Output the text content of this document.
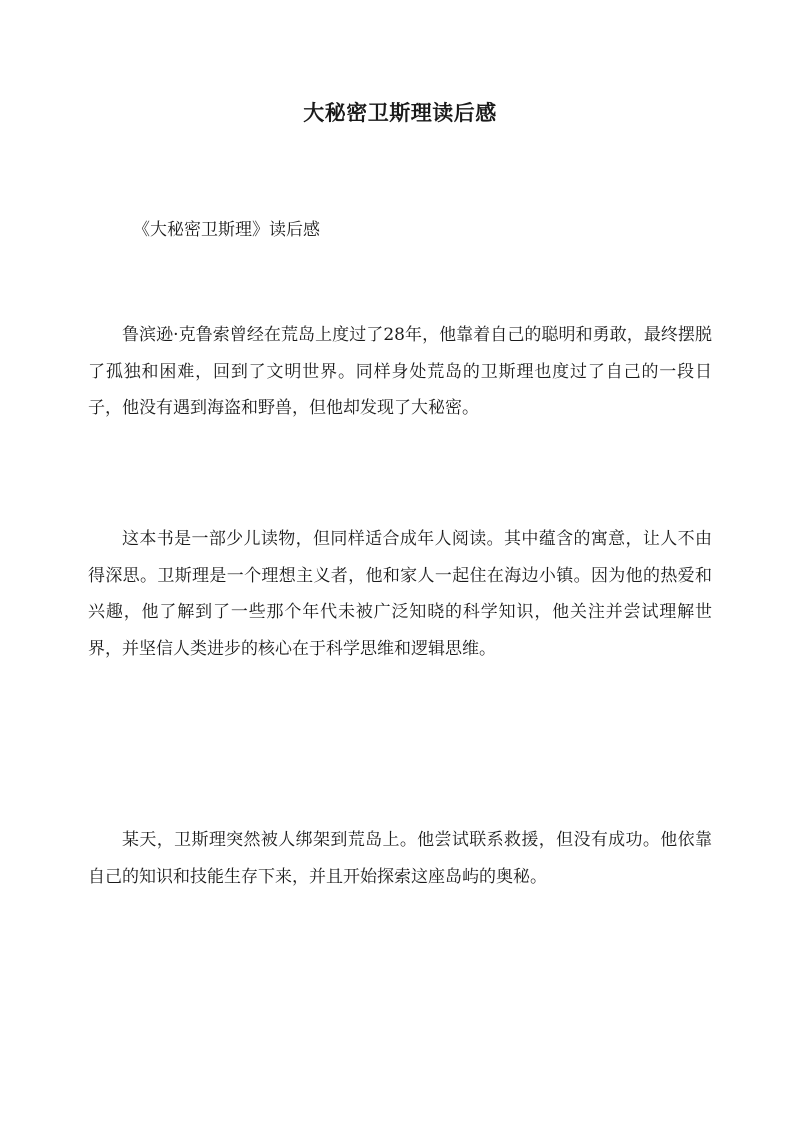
大秘密卫斯理读后感

《大秘密卫斯理》读后感

鲁滨逊·克鲁索曾经在荒岛上度过了28年，他靠着自己的聪明和勇敢，最终摆脱了孤独和困难，回到了文明世界。同样身处荒岛的卫斯理也度过了自己的一段日子，他没有遇到海盗和野兽，但他却发现了大秘密。

这本书是一部少儿读物，但同样适合成年人阅读。其中蕴含的寓意，让人不由得深思。卫斯理是一个理想主义者，他和家人一起住在海边小镇。因为他的热爱和兴趣，他了解到了一些那个年代未被广泛知晓的科学知识，他关注并尝试理解世界，并坚信人类进步的核心在于科学思维和逻辑思维。

某天，卫斯理突然被人绑架到荒岛上。他尝试联系救援，但没有成功。他依靠自己的知识和技能生存下来，并且开始探索这座岛屿的奥秘。
